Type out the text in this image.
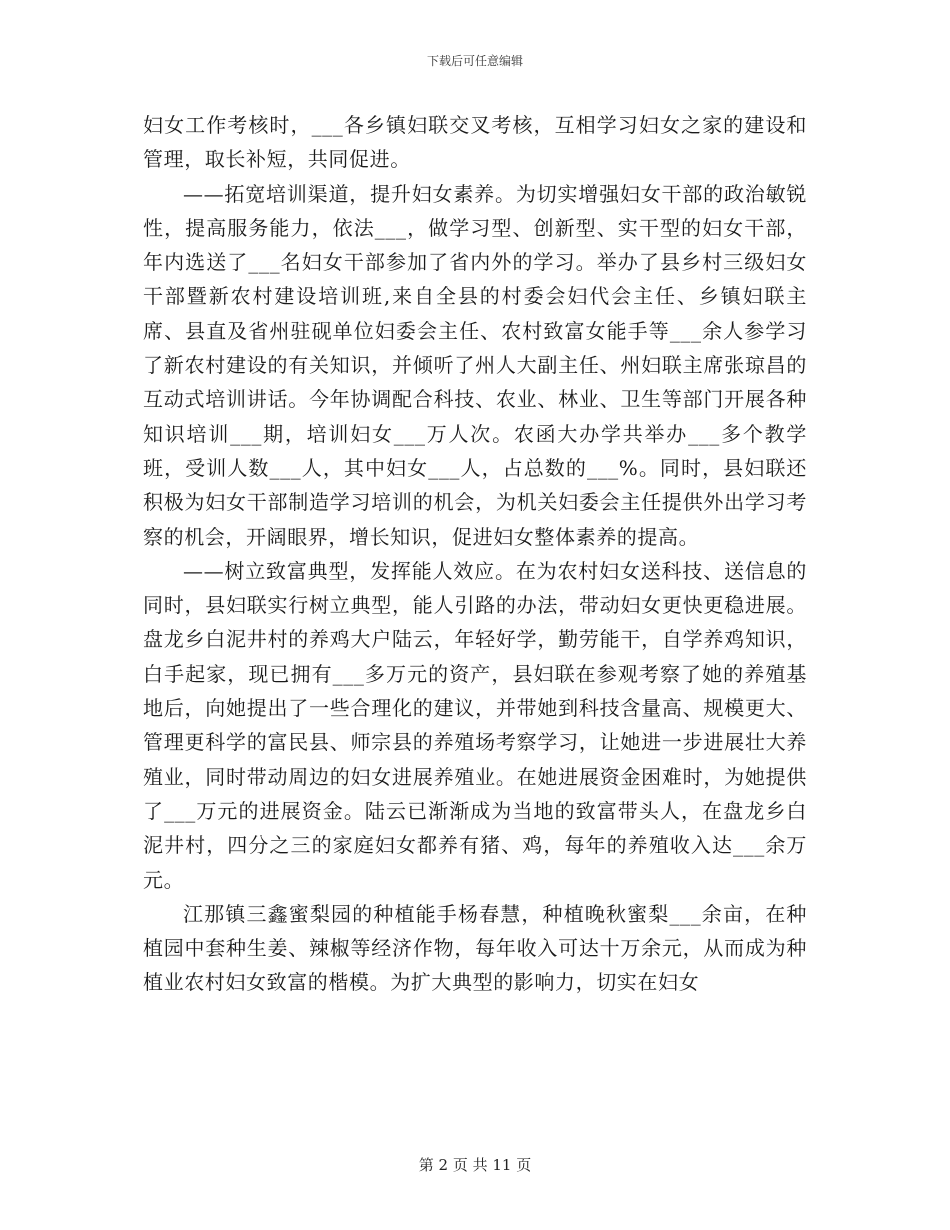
下载后可任意编辑

妇女工作考核时，___各乡镇妇联交叉考核，互相学习妇女之家的建设和管理，取长补短，共同促进。

——拓宽培训渠道，提升妇女素养。为切实增强妇女干部的政治敏锐性，提高服务能力，依法___，做学习型、创新型、实干型的妇女干部，年内选送了___名妇女干部参加了省内外的学习。举办了县乡村三级妇女干部暨新农村建设培训班,来自全县的村委会妇代会主任、乡镇妇联主席、县直及省州驻砚单位妇委会主任、农村致富女能手等___余人参学习了新农村建设的有关知识，并倾听了州人大副主任、州妇联主席张琼昌的互动式培训讲话。今年协调配合科技、农业、林业、卫生等部门开展各种知识培训___期，培训妇女___万人次。农函大办学共举办___多个教学班，受训人数___人，其中妇女___人，占总数的___%。同时，县妇联还积极为妇女干部制造学习培训的机会，为机关妇委会主任提供外出学习考察的机会，开阔眼界，增长知识，促进妇女整体素养的提高。

——树立致富典型，发挥能人效应。在为农村妇女送科技、送信息的同时，县妇联实行树立典型，能人引路的办法，带动妇女更快更稳进展。盘龙乡白泥井村的养鸡大户陆云，年轻好学，勤劳能干，自学养鸡知识，白手起家，现已拥有___多万元的资产，县妇联在参观考察了她的养殖基地后，向她提出了一些合理化的建议，并带她到科技含量高、规模更大、管理更科学的富民县、师宗县的养殖场考察学习，让她进一步进展壮大养殖业，同时带动周边的妇女进展养殖业。在她进展资金困难时，为她提供了___万元的进展资金。陆云已渐渐成为当地的致富带头人，在盘龙乡白泥井村，四分之三的家庭妇女都养有猪、鸡，每年的养殖收入达___余万元。

江那镇三鑫蜜梨园的种植能手杨春慧，种植晚秋蜜梨___余亩，在种植园中套种生姜、辣椒等经济作物，每年收入可达十万余元，从而成为种植业农村妇女致富的楷模。为扩大典型的影响力，切实在妇女

第 2 页 共 11 页
